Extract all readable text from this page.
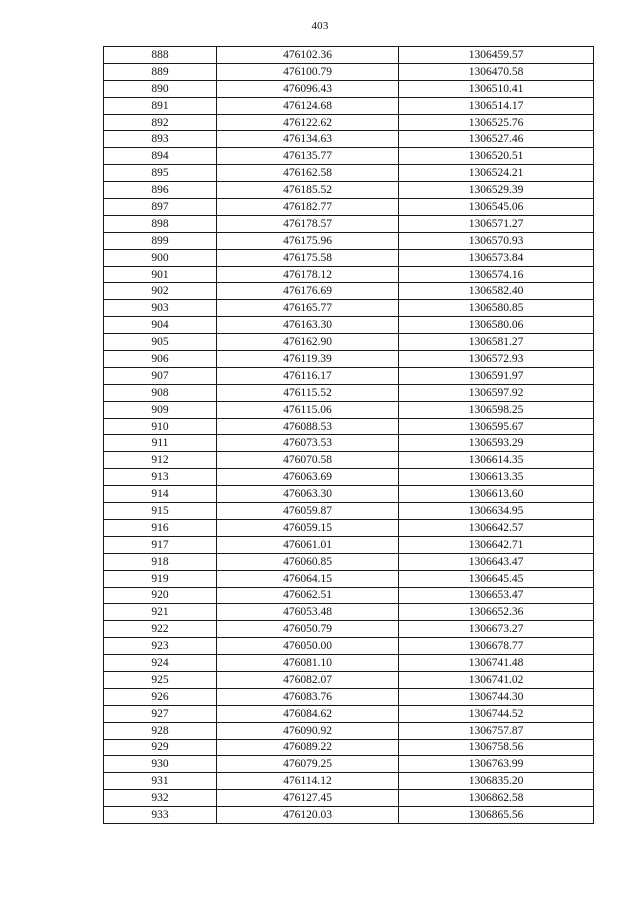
403
888	476102.36	1306459.57
889	476100.79	1306470.58
890	476096.43	1306510.41
891	476124.68	1306514.17
892	476122.62	1306525.76
893	476134.63	1306527.46
894	476135.77	1306520.51
895	476162.58	1306524.21
896	476185.52	1306529.39
897	476182.77	1306545.06
898	476178.57	1306571.27
899	476175.96	1306570.93
900	476175.58	1306573.84
901	476178.12	1306574.16
902	476176.69	1306582.40
903	476165.77	1306580.85
904	476163.30	1306580.06
905	476162.90	1306581.27
906	476119.39	1306572.93
907	476116.17	1306591.97
908	476115.52	1306597.92
909	476115.06	1306598.25
910	476088.53	1306595.67
911	476073.53	1306593.29
912	476070.58	1306614.35
913	476063.69	1306613.35
914	476063.30	1306613.60
915	476059.87	1306634.95
916	476059.15	1306642.57
917	476061.01	1306642.71
918	476060.85	1306643.47
919	476064.15	1306645.45
920	476062.51	1306653.47
921	476053.48	1306652.36
922	476050.79	1306673.27
923	476050.00	1306678.77
924	476081.10	1306741.48
925	476082.07	1306741.02
926	476083.76	1306744.30
927	476084.62	1306744.52
928	476090.92	1306757.87
929	476089.22	1306758.56
930	476079.25	1306763.99
931	476114.12	1306835.20
932	476127.45	1306862.58
933	476120.03	1306865.56
